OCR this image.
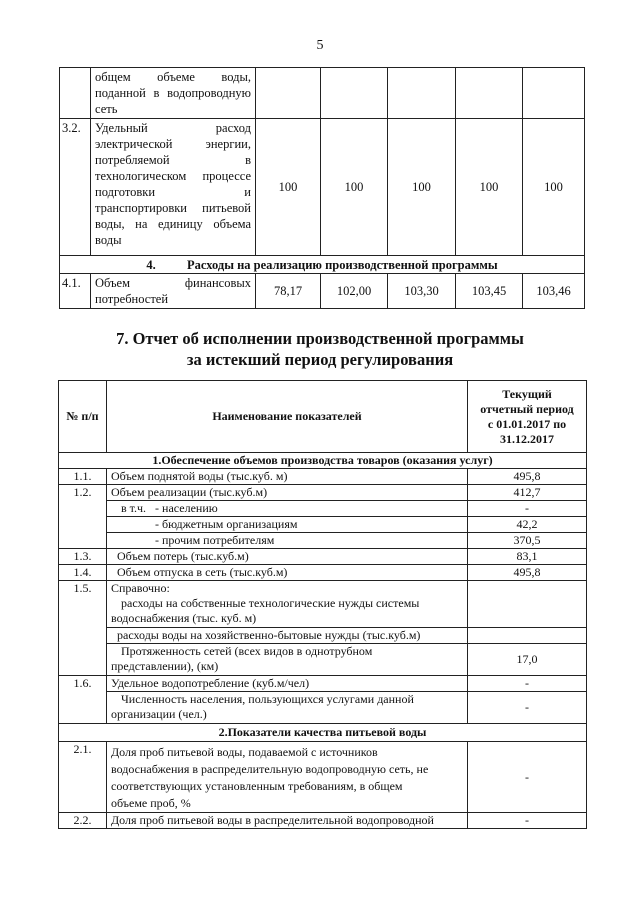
5
	общем объеме воды, поданной в водопроводную сеть					
3.2.	Удельный расход электрической энергии, потребляемой в технологическом процессе подготовки и транспортировки питьевой воды, на единицу объема воды	100	100	100	100	100
4. Расходы на реализацию производственной программы						
4.1.	Объем финансовых потребностей	78,17	102,00	103,30	103,45	103,46
7. Отчет об исполнении производственной программы
за истекший период регулирования
№ п/п	Наименование показателей	Текущий
отчетный период
с 01.01.2017 по
31.12.2017

1.Обеспечение объемов производства товаров (оказания услуг)		
1.1.	Объем поднятой воды (тыс.куб. м)	495,8
1.2.	Объем реализации (тыс.куб.м)	412,7
	в т.ч. - населению	-
	- бюджетным организациям	42,2
	- прочим потребителям	370,5
1.3.	Объем потерь (тыс.куб.м)	83,1
1.4.	Объем отпуска в сеть (тыс.куб.м)	495,8
1.5.	Справочно:
расходы на собственные технологические нужды системы
водоснабжения (тыс. куб. м)	

	расходы воды на хозяйственно-бытовые нужды (тыс.куб.м)	

	Протяженность сетей (всех видов в однотрубном
представлении), (км)	17,0
1.6.	Удельное водопотребление (куб.м/чел)	-

	Численность населения, пользующихся услугами данной
организации (чел.)	-
2.Показатели качества питьевой воды		
2.1.	Доля проб питьевой воды, подаваемой с источников
водоснабжения в распределительную водопроводную сеть, не
соответствующих установленным требованиям, в общем
объеме проб, %	-
2.2.	Доля проб питьевой воды в распределительной водопроводной	-
